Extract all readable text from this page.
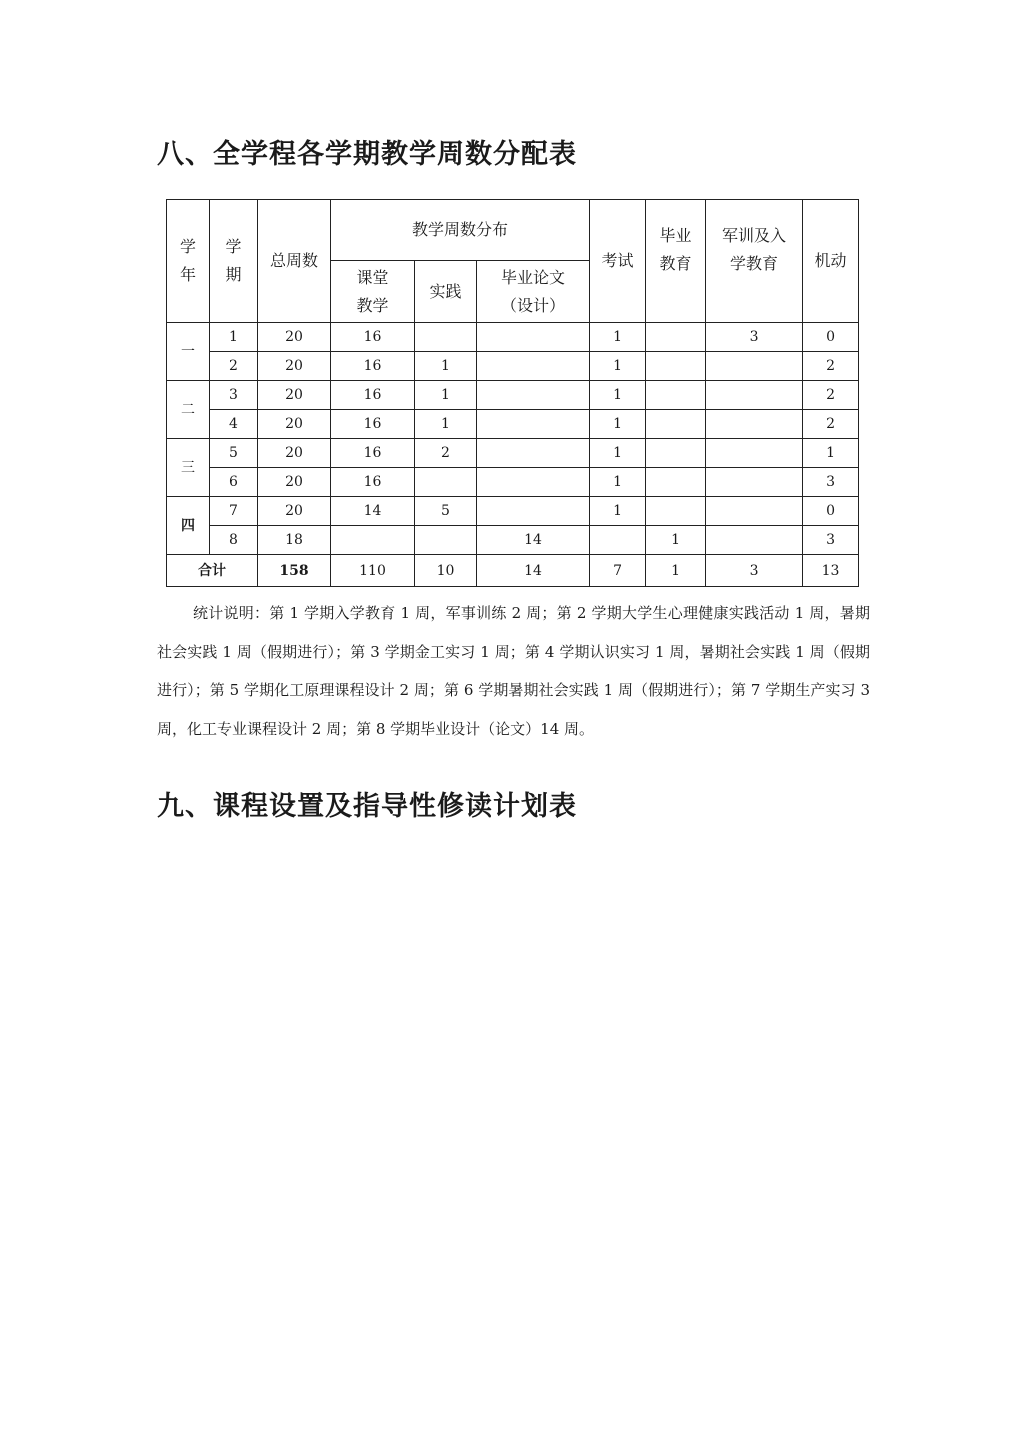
八、全学程各学期教学周数分配表
学年	学期	总周数	教学周数分布			考试	毕业教育	军训及入学教育	机动
			课堂教学	实践	毕业论文（设计）				
一	1	20	16			1		3	0
	2	20	16	1		1			2
二	3	20	16	1		1			2
	4	20	16	1		1			2
三	5	20	16	2		1			1
	6	20	16			1			3
四	7	20	14	5		1			0
	8	18			14		1		3
合计		158	110	10	14	7	1	3	13

统计说明：第 1 学期入学教育 1 周，军事训练 2 周；第 2 学期大学生心理健康实践活动 1 周，暑期社会实践 1 周（假期进行）；第 3 学期金工实习 1 周；第 4 学期认识实习 1 周，暑期社会实践 1 周（假期进行）；第 5 学期化工原理课程设计 2 周；第 6 学期暑期社会实践 1 周（假期进行）；第 7 学期生产实习 3 周，化工专业课程设计 2 周；第 8 学期毕业设计（论文）14 周。

九、课程设置及指导性修读计划表
